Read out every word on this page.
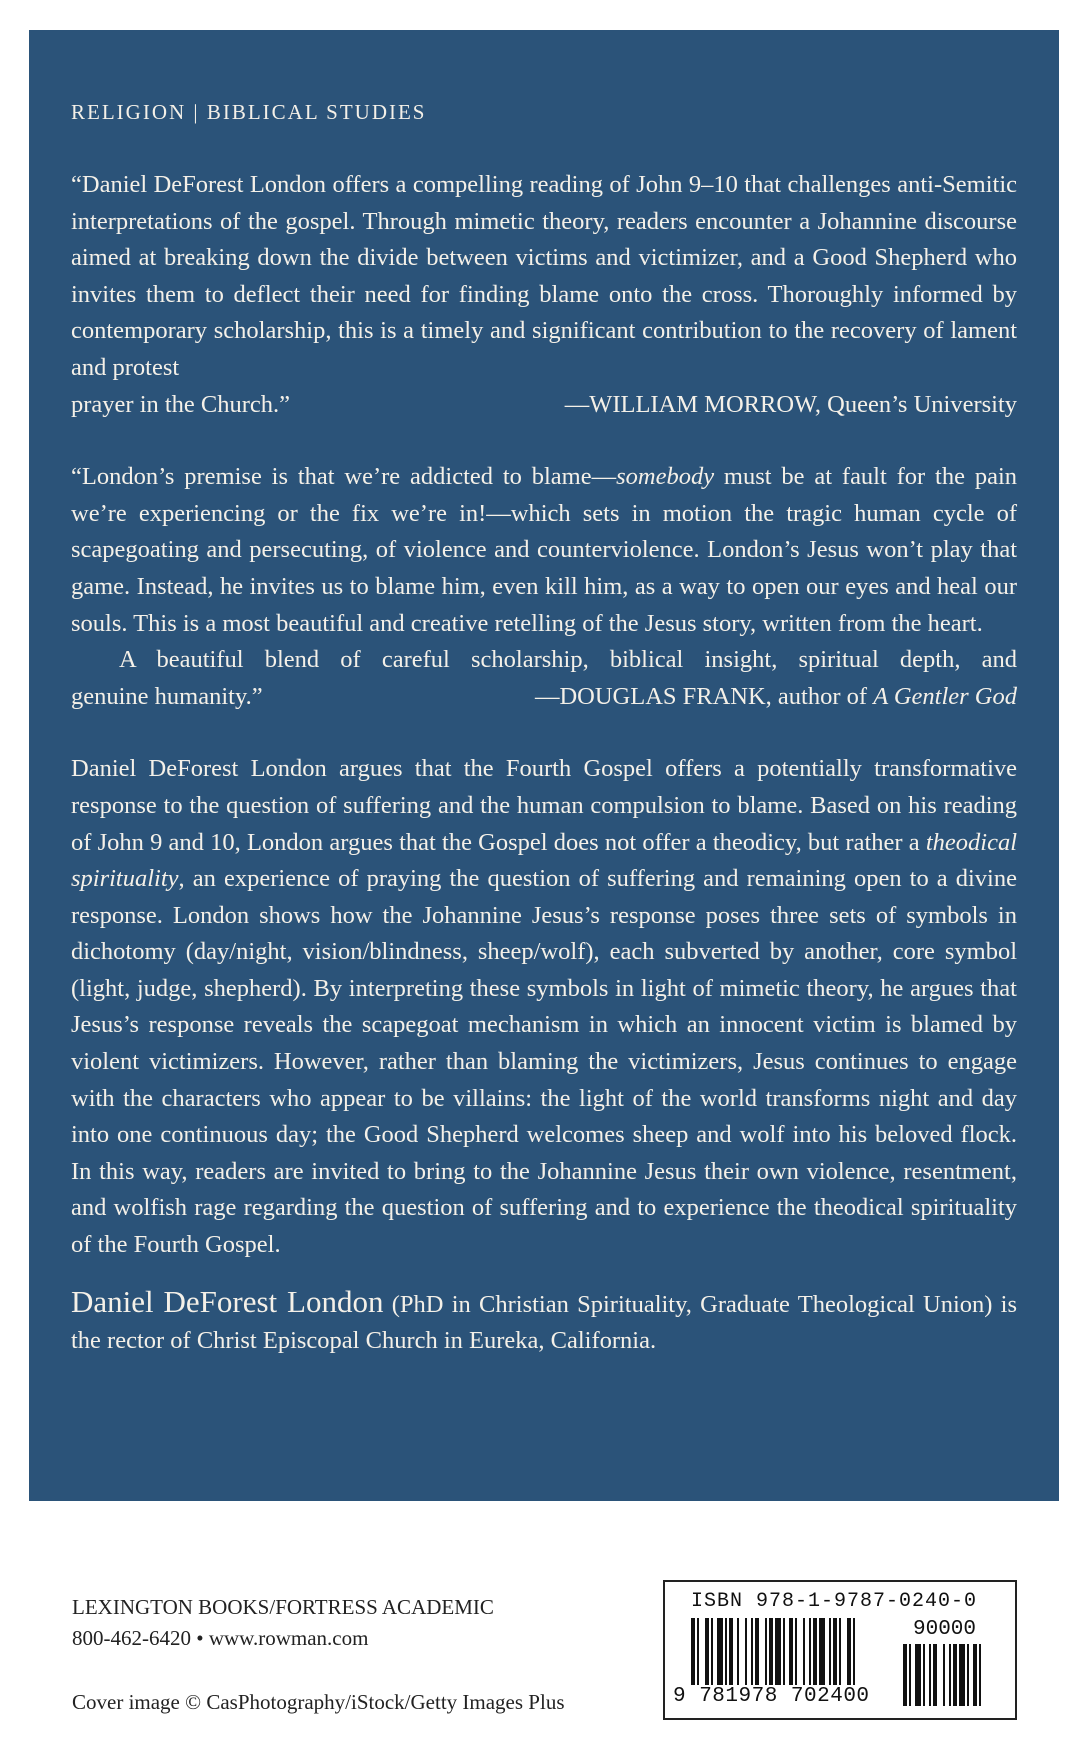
RELIGION | BIBLICAL STUDIES

“Daniel DeForest London offers a compelling reading of John 9–10 that challenges anti-Semitic interpretations of the gospel. Through mimetic theory, readers encounter a Johannine discourse aimed at breaking down the divide between victims and victimizer, and a Good Shepherd who invites them to deflect their need for finding blame onto the cross. Thoroughly informed by contemporary scholarship, this is a timely and significant contribution to the recovery of lament and protest

prayer in the Church.”	—WILLIAM MORROW, Queen’s University

“London’s premise is that we’re addicted to blame—somebody must be at fault for the pain we’re experiencing or the fix we’re in!—which sets in motion the tragic human cycle of scapegoating and persecuting, of violence and counterviolence. London’s Jesus won’t play that game. Instead, he invites us to blame him, even kill him, as a way to open our eyes and heal our souls. This is a most beautiful and creative retelling of the Jesus story, written from the heart.

A beautiful blend of careful scholarship, biblical insight, spiritual depth, and

genuine humanity.”	—DOUGLAS FRANK, author of A Gentler God

Daniel DeForest London argues that the Fourth Gospel offers a potentially transformative response to the question of suffering and the human compulsion to blame. Based on his reading of John 9 and 10, London argues that the Gospel does not offer a theodicy, but rather a theodical spirituality, an experience of praying the question of suffering and remaining open to a divine response. London shows how the Johannine Jesus’s response poses three sets of symbols in dichotomy (day/night, vision/blindness, sheep/wolf), each subverted by another, core symbol (light, judge, shepherd). By interpreting these symbols in light of mimetic theory, he argues that Jesus’s response reveals the scapegoat mechanism in which an innocent victim is blamed by violent victimizers. However, rather than blaming the victimizers, Jesus continues to engage with the characters who appear to be villains: the light of the world transforms night and day into one continuous day; the Good Shepherd welcomes sheep and wolf into his beloved flock. In this way, readers are invited to bring to the Johannine Jesus their own violence, resentment, and wolfish rage regarding the question of suffering and to experience the theodical spirituality of the Fourth Gospel.

Daniel DeForest London (PhD in Christian Spirituality, Graduate Theological Union) is the rector of Christ Episcopal Church in Eureka, California.

LEXINGTON BOOKS/FORTRESS ACADEMIC
800-462-6420 • www.rowman.com
Cover image © CasPhotography/iStock/Getty Images Plus
ISBN 978-1-9787-0240-0
9 781978 702400
90000
